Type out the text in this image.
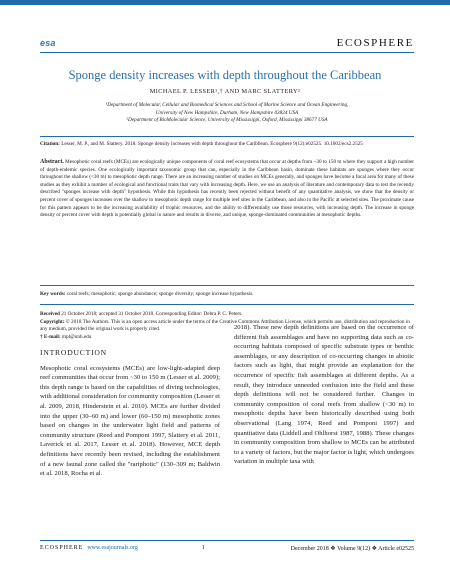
esa	ECOSPHERE
Sponge density increases with depth throughout the Caribbean
MICHAEL P. LESSER¹,† AND MARC SLATTERY²
¹Department of Molecular, Cellular and Biomedical Sciences and School of Marine Science and Ocean Engineering,
University of New Hampshire, Durham, New Hampshire 03824 USA
²Department of BioMolecular Science, University of Mississippi, Oxford, Mississippi 38677 USA
Citation: Lesser, M. P., and M. Slattery. 2018. Sponge density increases with depth throughout the Caribbean. Ecosphere 9(12):e02525. 10.1002/ecs2.2525
Abstract. Mesophotic coral reefs (MCEs) are ecologically unique components of coral reef ecosystems that occur at depths from ~30 to 150 m where they support a high number of depth-endemic species. One ecologically important taxonomic group that can, especially in the Caribbean basin, dominate these habitats are sponges where they occur throughout the shallow (<30 m) to mesophotic depth range. There are an increasing number of studies on MCEs generally, and sponges have become a focal area for many of these studies as they exhibit a number of ecological and functional traits that vary with increasing depth. Here, we use an analysis of literature and contemporary data to test the recently described "sponges increase with depth" hypothesis. While this hypothesis has recently been rejected without benefit of any quantitative analysis, we show that the density or percent cover of sponges increases over the shallow to mesophotic depth range for multiple reef sites in the Caribbean, and also in the Pacific at selected sites. The proximate cause for this pattern appears to be the increasing availability of trophic resources, and the ability to differentially use those resources, with increasing depth. The increase in sponge density or percent cover with depth is potentially global in nature and results in diverse, and unique, sponge-dominated communities at mesophotic depths.
Key words: coral reefs; mesophotic; sponge abundance; sponge diversity; sponge increase hypothesis.
Received 21 October 2018; accepted 31 October 2018. Corresponding Editor: Debra P. C. Peters.
Copyright: © 2018 The Authors. This is an open access article under the terms of the Creative Commons Attribution License, which permits use, distribution and reproduction in any medium, provided the original work is properly cited.
† E-mail: mpl@unh.edu
INTRODUCTION
Mesophotic coral ecosystems (MCEs) are low-light-adapted deep reef communities that occur from ~30 to 150 m (Lesser et al. 2009); this depth range is based on the capabilities of diving technologies, with additional consideration for community composition (Lesser et al. 2009, 2018, Hinderstein et al. 2010). MCEs are further divided into the upper (30–60 m) and lower (60–150 m) mesophotic zones based on changes in the underwater light field and patterns of community structure (Reed and Pomponi 1997, Slattery et al. 2011, Laverick et al. 2017, Lesser et al. 2018). However, MCE depth definitions have recently been revised, including the establishment of a new faunal zone called the "rariphotic" (130–309 m; Baldwin et al. 2018, Rocha et al.
2018). These new depth definitions are based on the occurrence of different fish assemblages and have no supporting data such as co-occurring habitats composed of specific substrate types or benthic assemblages, or any description of co-occurring changes in abiotic factors such as light, that might provide an explanation for the occurrence of specific fish assemblages at different depths. As a result, they introduce unneeded confusion into the field and these depth definitions will not be considered further. Changes in community composition of coral reefs from shallow (<30 m) to mesophotic depths have been historically described using both observational (Lang 1974, Reed and Pomponi 1997) and quantitative data (Liddell and Ohlhorst 1987, 1988). These changes in community composition from shallow to MCEs can be attributed to a variety of factors, but the major factor is light, which undergoes variation in multiple taxa with
ECOSPHERE www.esajournals.org	1	December 2018 ❖ Volume 9(12) ❖ Article e02525
